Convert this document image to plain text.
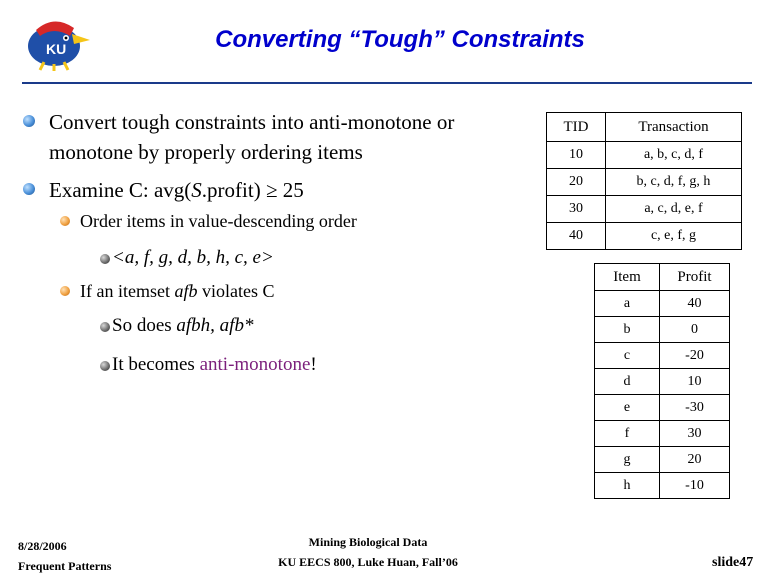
KU	Converting “Tough” Constraints
Convert tough constraints into anti-monotone or
monotone by properly ordering items
Examine C: avg(S.profit) ≥ 25
Order items in value-descending order
<a, f, g, d, b, h, c, e>
If an itemset afb violates C
So does afbh, afb*
It becomes anti-monotone!
TID	Transaction
10	a, b, c, d, f
20	b, c, d, f, g, h
30	a, c, d, e, f
40	c, e, f, g
Item	Profit
a	40
b	0
c	-20
d	10
e	-30
f	30
g	20
h	-10
8/28/2006
Frequent Patterns
Mining Biological Data
KU EECS 800, Luke Huan, Fall’06	slide47
